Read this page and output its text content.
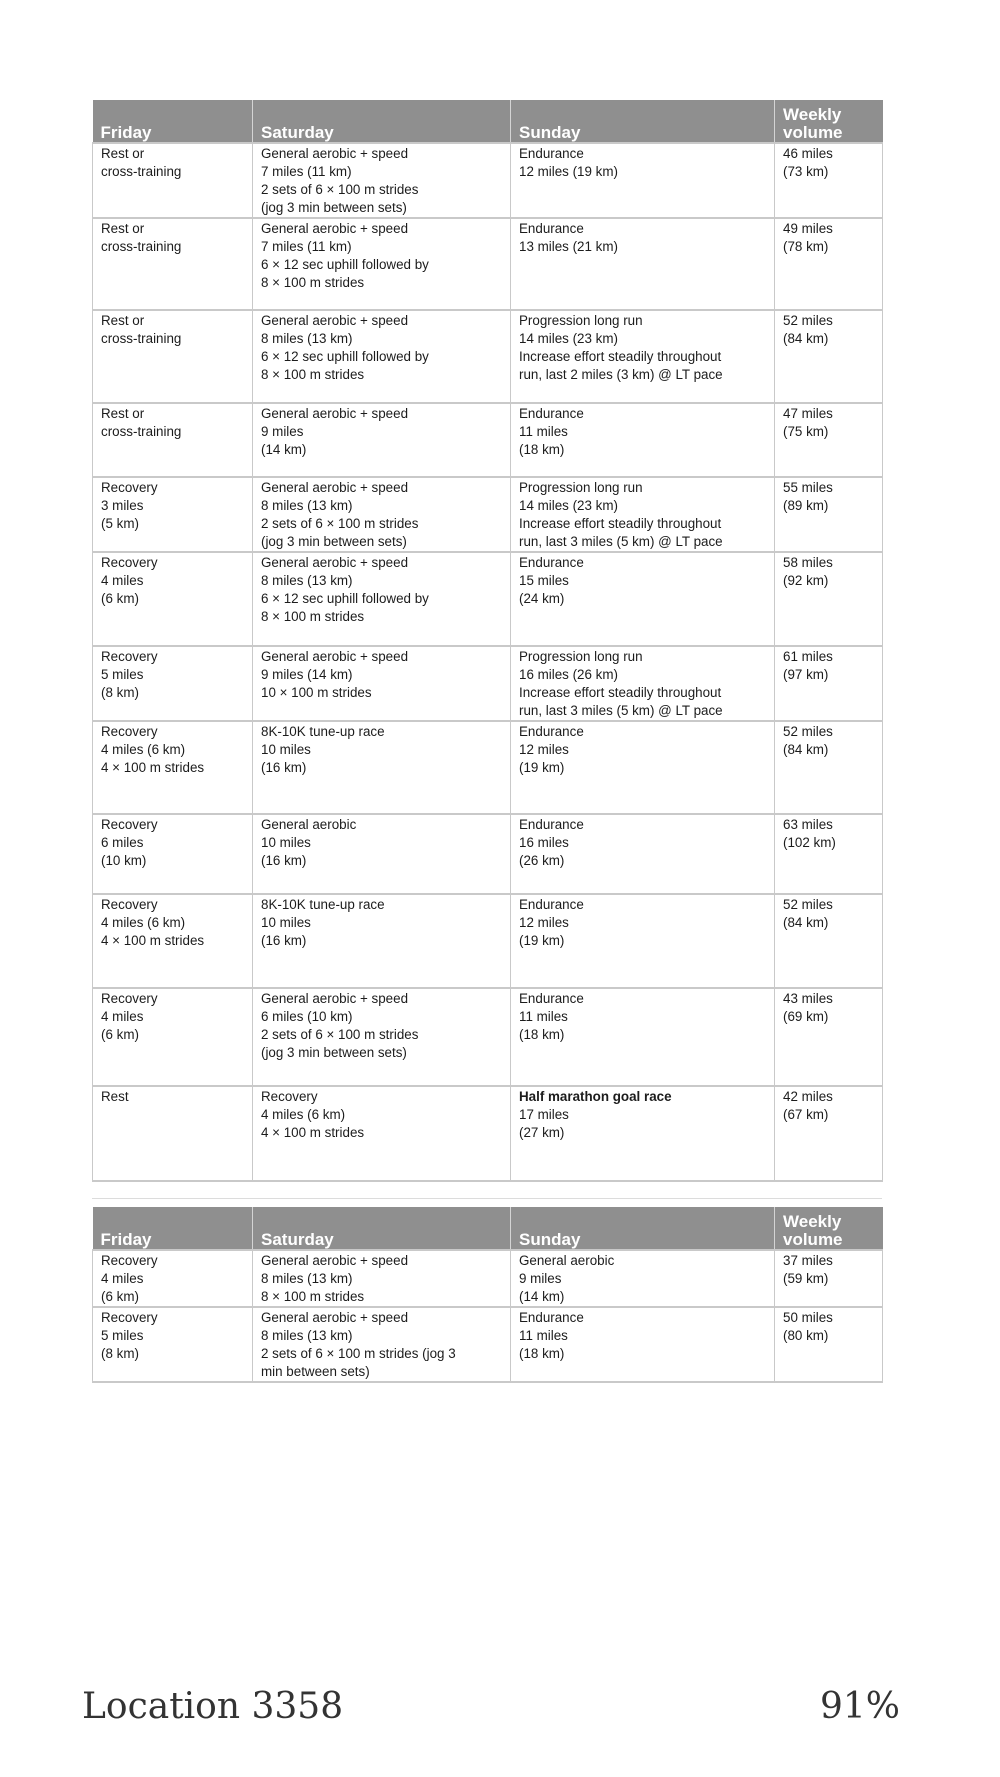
Friday	Saturday	Sunday	Weekly
volume

Rest or
cross-training	General aerobic + speed
7 miles (11 km)
2 sets of 6 × 100 m strides
(jog 3 min between sets)	Endurance
12 miles (19 km)	46 miles
(73 km)

Rest or
cross-training	General aerobic + speed
7 miles (11 km)
6 × 12 sec uphill followed by
8 × 100 m strides	Endurance
13 miles (21 km)	49 miles
(78 km)

Rest or
cross-training	General aerobic + speed
8 miles (13 km)
6 × 12 sec uphill followed by
8 × 100 m strides	Progression long run
14 miles (23 km)
Increase effort steadily throughout
run, last 2 miles (3 km) @ LT pace	52 miles
(84 km)

Rest or
cross-training	General aerobic + speed
9 miles
(14 km)	Endurance
11 miles
(18 km)	47 miles
(75 km)

Recovery
3 miles
(5 km)	General aerobic + speed
8 miles (13 km)
2 sets of 6 × 100 m strides
(jog 3 min between sets)	Progression long run
14 miles (23 km)
Increase effort steadily throughout
run, last 3 miles (5 km) @ LT pace	55 miles
(89 km)

Recovery
4 miles
(6 km)	General aerobic + speed
8 miles (13 km)
6 × 12 sec uphill followed by
8 × 100 m strides	Endurance
15 miles
(24 km)	58 miles
(92 km)

Recovery
5 miles
(8 km)	General aerobic + speed
9 miles (14 km)
10 × 100 m strides	Progression long run
16 miles (26 km)
Increase effort steadily throughout
run, last 3 miles (5 km) @ LT pace	61 miles
(97 km)

Recovery
4 miles (6 km)
4 × 100 m strides	8K-10K tune-up race
10 miles
(16 km)	Endurance
12 miles
(19 km)	52 miles
(84 km)

Recovery
6 miles
(10 km)	General aerobic
10 miles
(16 km)	Endurance
16 miles
(26 km)	63 miles
(102 km)

Recovery
4 miles (6 km)
4 × 100 m strides	8K-10K tune-up race
10 miles
(16 km)	Endurance
12 miles
(19 km)	52 miles
(84 km)

Recovery
4 miles
(6 km)	General aerobic + speed
6 miles (10 km)
2 sets of 6 × 100 m strides
(jog 3 min between sets)	Endurance
11 miles
(18 km)	43 miles
(69 km)

Rest	Recovery
4 miles (6 km)
4 × 100 m strides	Half marathon goal race
17 miles
(27 km)	42 miles
(67 km)
Friday	Saturday	Sunday	Weekly
volume

Recovery
4 miles
(6 km)	General aerobic + speed
8 miles (13 km)
8 × 100 m strides	General aerobic
9 miles
(14 km)	37 miles
(59 km)

Recovery
5 miles
(8 km)	General aerobic + speed
8 miles (13 km)
2 sets of 6 × 100 m strides (jog 3
min between sets)	Endurance
11 miles
(18 km)	50 miles
(80 km)
Location 3358	91%
